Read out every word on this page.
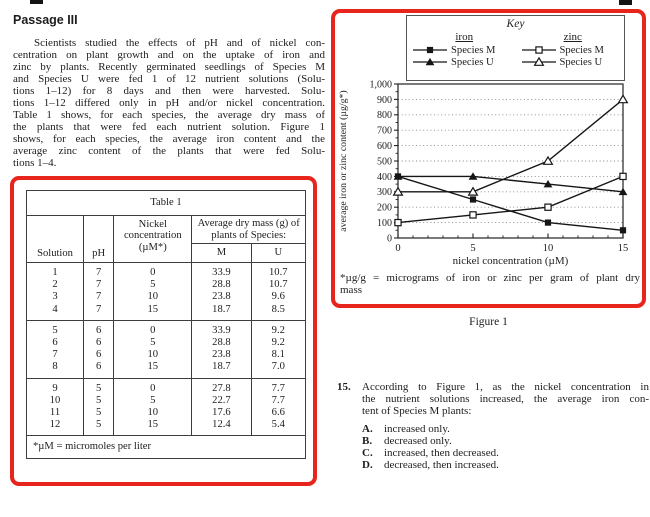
Passage III
Scientists studied the effects of pH and of nickel con-
centration on plant growth and on the uptake of iron and
zinc by plants. Recently germinated seedlings of Species M
and Species U were fed 1 of 12 nutrient solutions (Solu-
tions 1–12) for 8 days and then were harvested. Solu-
tions 1–12 differed only in pH and/or nickel concentration.
Table 1 shows, for each species, the average dry mass of
the plants that were fed each nutrient solution. Figure 1
shows, for each species, the average iron content and the
average zinc content of the plants that were fed Solu-
tions 1–4.
Table 1				
Solution	pH	Nickel
concentration
(µM*)	Average dry mass (g) of plants of Species:	
			M	U
1	7	0	33.9	10.7
2	7	5	28.8	10.7
3	7	10	23.8	9.6
4	7	15	18.7	8.5
5	6	0	33.9	9.2
6	6	5	28.8	9.2
7	6	10	23.8	8.1
8	6	15	18.7	7.0
9	5	0	27.8	7.7
10	5	5	22.7	7.7
11	5	10	17.6	6.6
12	5	15	12.4	5.4
*µM = micromoles per liter				
Key
iron
Species M
Species U
zinc
Species M
Species U
0
100
200
300
400
500
600
700
800
900
1,000
0	5	10	15
nickel concentration (µM)
average iron or zinc content (µg/g*)
*µg/g = micrograms of iron or zinc per gram of plant dry
mass
Figure 1
15. According to Figure 1, as the nickel concentration in
the nutrient solutions increased, the average iron con-
tent of Species M plants:
A.	increased only.
B.	decreased only.
C.	increased, then decreased.
D.	decreased, then increased.
